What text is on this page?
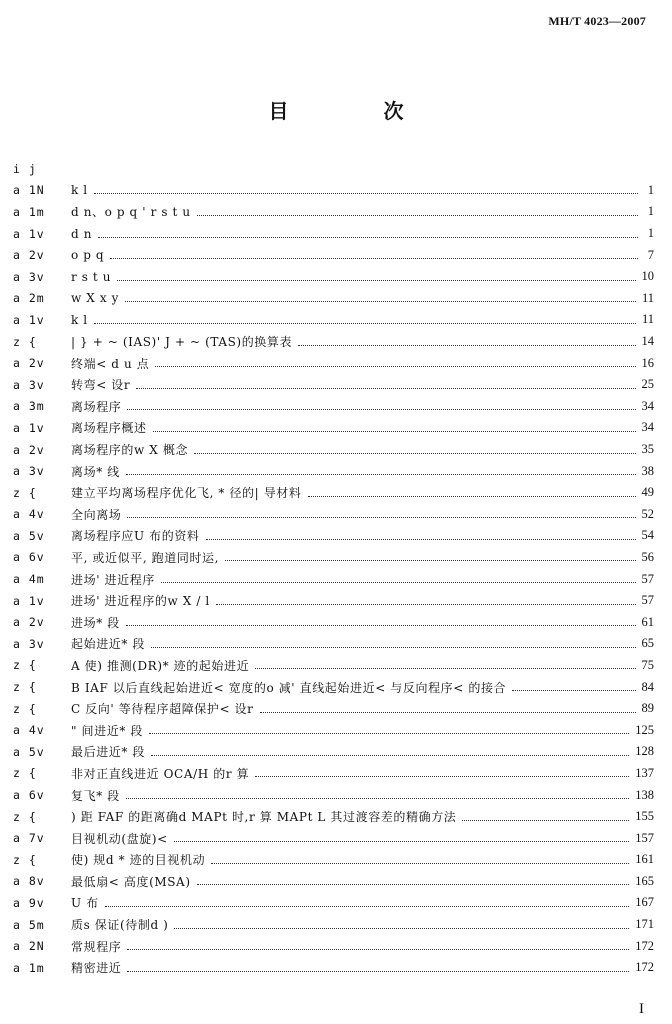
MH/T 4023—2007
目 次
i j
a 1N	k l	1
a 1m	d n、o p q ' r s t u	1
a 1v	d n	1
a 2v	o p q	7
a 3v	r s t u	10
a 2m	w X x y	11
a 1v	k l	11
z {	| } + ~ (IAS)' J + ~ (TAS)的换算表	14
a 2v	终端< d u 点	16
a 3v	转弯< 设r	25
a 3m	离场程序	34
a 1v	离场程序概述	34
a 2v	离场程序的w X 概念	35
a 3v	离场* 线	38
z {	建立平均离场程序优化飞, * 径的| 导材料	49
a 4v	全向离场	52
a 5v	离场程序应U 布的资料	54
a 6v	平, 或近似平, 跑道同时运,	56
a 4m	进场' 进近程序	57
a 1v	进场' 进近程序的w X / l	57
a 2v	进场* 段	61
a 3v	起始进近* 段	65
z {	A 使) 推测(DR)* 迹的起始进近	75
z {	B IAF 以后直线起始进近< 宽度的o 减' 直线起始进近< 与反向程序< 的接合	84
z {	C 反向' 等待程序超障保护< 设r	89
a 4v	" 间进近* 段	125
a 5v	最后进近* 段	128
z {	非对正直线进近 OCA/H 的r 算	137
a 6v	复飞* 段	138
z {	) 距 FAF 的距离确d MAPt 时,r 算 MAPt L 其过渡容差的精确方法	155
a 7v	目视机动(盘旋)<	157
z {	使) 规d * 迹的目视机动	161
a 8v	最低扇< 高度(MSA)	165
a 9v	U 布	167
a 5m	质s 保证(待制d )	171
a 2N	常规程序	172
a 1m	精密进近	172
I
